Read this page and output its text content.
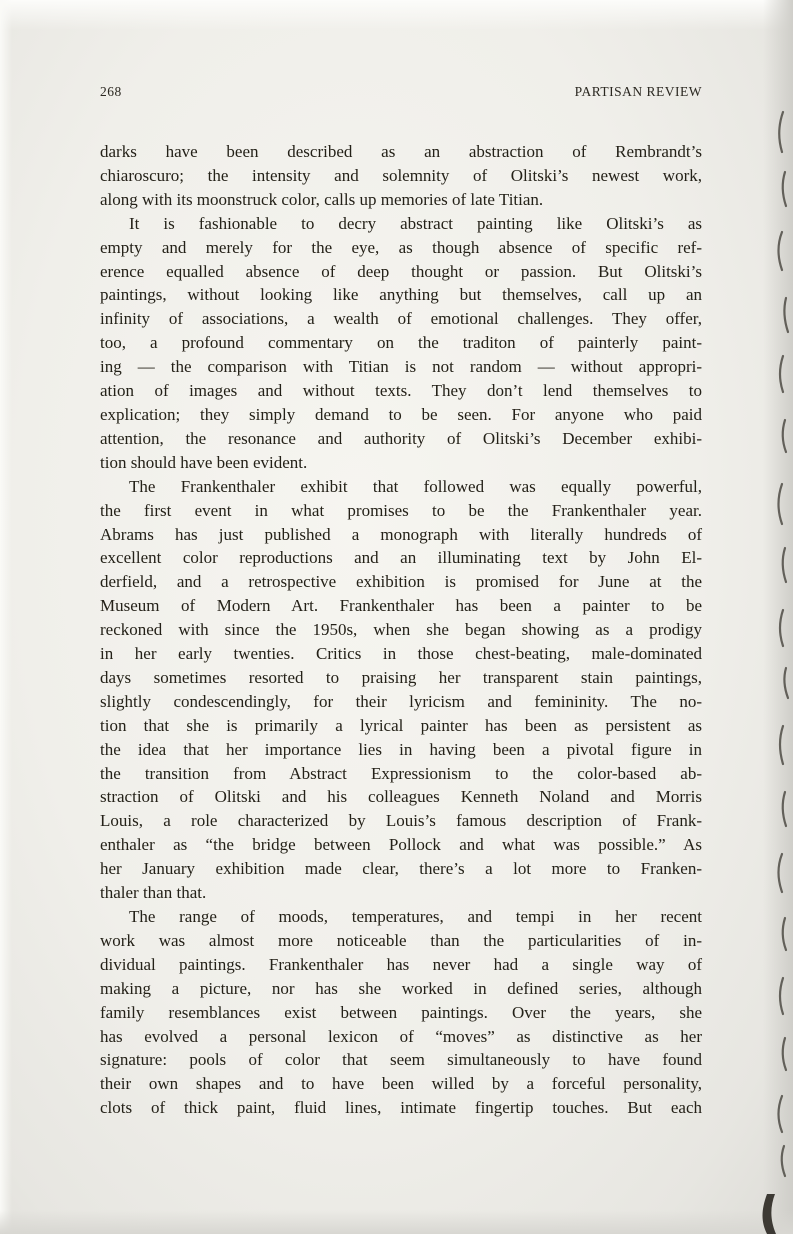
268	PARTISAN REVIEW
darks have been described as an abstraction of Rembrandt’s
chiaroscuro; the intensity and solemnity of Olitski’s newest work,
along with its moonstruck color, calls up memories of late Titian.
It is fashionable to decry abstract painting like Olitski’s as
empty and merely for the eye, as though absence of specific ref-
erence equalled absence of deep thought or passion. But Olitski’s
paintings, without looking like anything but themselves, call up an
infinity of associations, a wealth of emotional challenges. They offer,
too, a profound commentary on the traditon of painterly paint-
ing — the comparison with Titian is not random — without appropri-
ation of images and without texts. They don’t lend themselves to
explication; they simply demand to be seen. For anyone who paid
attention, the resonance and authority of Olitski’s December exhibi-
tion should have been evident.
The Frankenthaler exhibit that followed was equally powerful,
the first event in what promises to be the Frankenthaler year.
Abrams has just published a monograph with literally hundreds of
excellent color reproductions and an illuminating text by John El-
derfield, and a retrospective exhibition is promised for June at the
Museum of Modern Art. Frankenthaler has been a painter to be
reckoned with since the 1950s, when she began showing as a prodigy
in her early twenties. Critics in those chest-beating, male-dominated
days sometimes resorted to praising her transparent stain paintings,
slightly condescendingly, for their lyricism and femininity. The no-
tion that she is primarily a lyrical painter has been as persistent as
the idea that her importance lies in having been a pivotal figure in
the transition from Abstract Expressionism to the color-based ab-
straction of Olitski and his colleagues Kenneth Noland and Morris
Louis, a role characterized by Louis’s famous description of Frank-
enthaler as “the bridge between Pollock and what was possible.” As
her January exhibition made clear, there’s a lot more to Franken-
thaler than that.
The range of moods, temperatures, and tempi in her recent
work was almost more noticeable than the particularities of in-
dividual paintings. Frankenthaler has never had a single way of
making a picture, nor has she worked in defined series, although
family resemblances exist between paintings. Over the years, she
has evolved a personal lexicon of “moves” as distinctive as her
signature: pools of color that seem simultaneously to have found
their own shapes and to have been willed by a forceful personality,
clots of thick paint, fluid lines, intimate fingertip touches. But each
